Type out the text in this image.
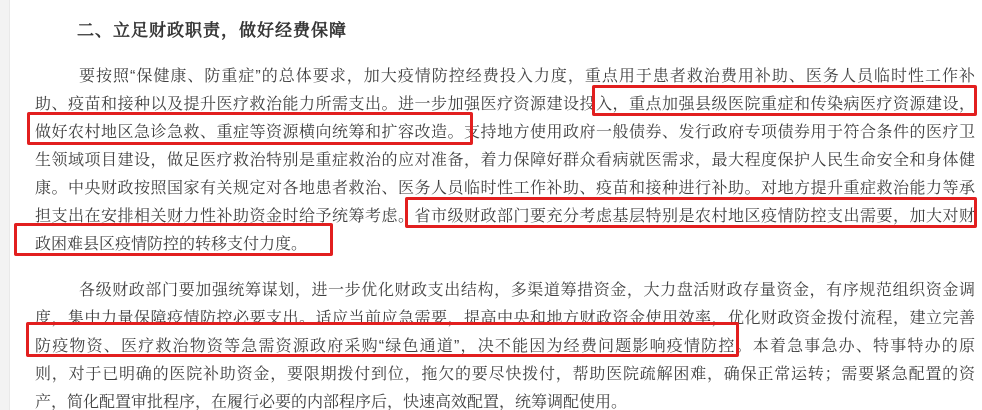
二、立足财政职责，做好经费保障
要按照“保健康、防重症”的总体要求，加大疫情防控经费投入力度，重点用于患者救治费用补助、医务人员临时性工作补
助、疫苗和接种以及提升医疗救治能力所需支出。进一步加强医疗资源建设投入，重点加强县级医院重症和传染病医疗资源建设，
做好农村地区急诊急救、重症等资源横向统筹和扩容改造。支持地方使用政府一般债券、发行政府专项债券用于符合条件的医疗卫
生领域项目建设，做足医疗救治特别是重症救治的应对准备，着力保障好群众看病就医需求，最大程度保护人民生命安全和身体健
康。中央财政按照国家有关规定对各地患者救治、医务人员临时性工作补助、疫苗和接种进行补助。对地方提升重症救治能力等承
担支出在安排相关财力性补助资金时给予统筹考虑。省市级财政部门要充分考虑基层特别是农村地区疫情防控支出需要，加大对财
政困难县区疫情防控的转移支付力度。
各级财政部门要加强统筹谋划，进一步优化财政支出结构，多渠道筹措资金，大力盘活财政存量资金，有序规范组织资金调
度，集中力量保障疫情防控必要支出。适应当前应急需要，提高中央和地方财政资金使用效率，优化财政资金拨付流程，建立完善
防疫物资、医疗救治物资等急需资源政府采购“绿色通道”，决不能因为经费问题影响疫情防控。本着急事急办、特事特办的原
则，对于已明确的医院补助资金，要限期拨付到位，拖欠的要尽快拨付，帮助医院疏解困难，确保正常运转；需要紧急配置的资
产，简化配置审批程序，在履行必要的内部程序后，快速高效配置，统筹调配使用。
